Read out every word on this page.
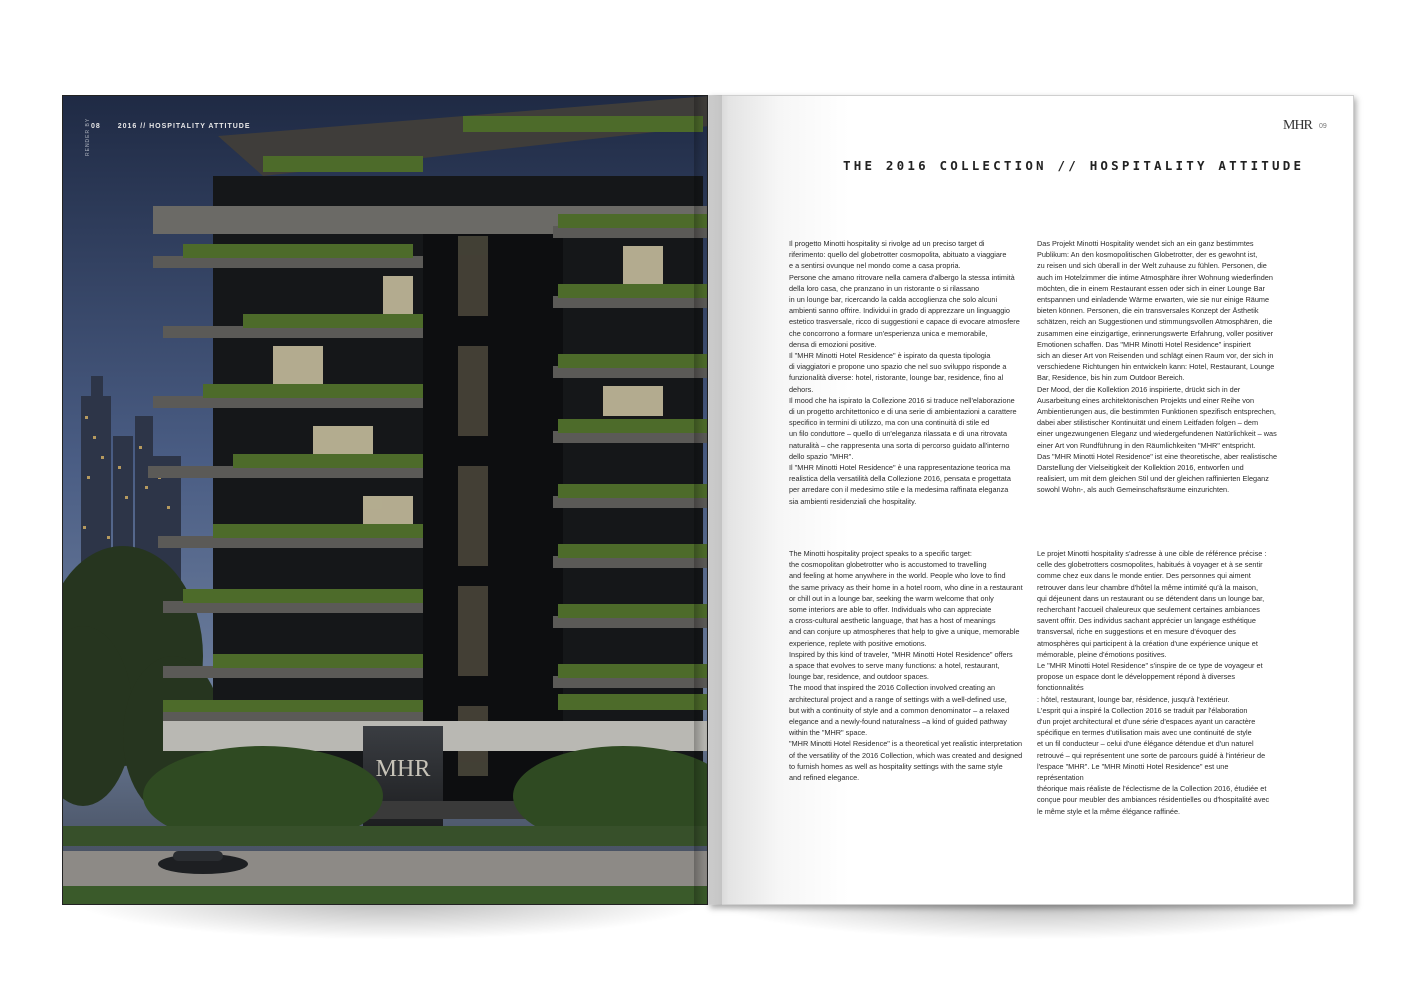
MHR
08 2016 // HOSPITALITY ATTITUDE
RENDER BY	MHR 09
THE 2016 COLLECTION // HOSPITALITY ATTITUDE
Il progetto Minotti hospitality si rivolge ad un preciso target di
riferimento: quello del globetrotter cosmopolita, abituato a viaggiare
e a sentirsi ovunque nel mondo come a casa propria.
Persone che amano ritrovare nella camera d'albergo la stessa intimità
della loro casa, che pranzano in un ristorante o si rilassano
in un lounge bar, ricercando la calda accoglienza che solo alcuni
ambienti sanno offrire. Individui in grado di apprezzare un linguaggio
estetico trasversale, ricco di suggestioni e capace di evocare atmosfere
che concorrono a formare un'esperienza unica e memorabile,
densa di emozioni positive.
Il "MHR Minotti Hotel Residence" è ispirato da questa tipologia
di viaggiatori e propone uno spazio che nel suo sviluppo risponde a
funzionalità diverse: hotel, ristorante, lounge bar, residence, fino al dehors.
Il mood che ha ispirato la Collezione 2016 si traduce nell'elaborazione
di un progetto architettonico e di una serie di ambientazioni a carattere
specifico in termini di utilizzo, ma con una continuità di stile ed
un filo conduttore – quello di un'eleganza rilassata e di una ritrovata
naturalità – che rappresenta una sorta di percorso guidato all'interno
dello spazio "MHR".
Il "MHR Minotti Hotel Residence" è una rappresentazione teorica ma
realistica della versatilità della Collezione 2016, pensata e progettata
per arredare con il medesimo stile e la medesima raffinata eleganza
sia ambienti residenziali che hospitality.
The Minotti hospitality project speaks to a specific target:
the cosmopolitan globetrotter who is accustomed to travelling
and feeling at home anywhere in the world. People who love to find
the same privacy as their home in a hotel room, who dine in a restaurant
or chill out in a lounge bar, seeking the warm welcome that only
some interiors are able to offer. Individuals who can appreciate
a cross-cultural aesthetic language, that has a host of meanings
and can conjure up atmospheres that help to give a unique, memorable
experience, replete with positive emotions.
Inspired by this kind of traveler, "MHR Minotti Hotel Residence" offers
a space that evolves to serve many functions: a hotel, restaurant,
lounge bar, residence, and outdoor spaces.
The mood that inspired the 2016 Collection involved creating an
architectural project and a range of settings with a well-defined use,
but with a continuity of style and a common denominator – a relaxed
elegance and a newly-found naturalness –a kind of guided pathway
within the "MHR" space.
"MHR Minotti Hotel Residence" is a theoretical yet realistic interpretation
of the versatility of the 2016 Collection, which was created and designed
to furnish homes as well as hospitality settings with the same style
and refined elegance.
Das Projekt Minotti Hospitality wendet sich an ein ganz bestimmtes
Publikum: An den kosmopolitischen Globetrotter, der es gewohnt ist,
zu reisen und sich überall in der Welt zuhause zu fühlen. Personen, die
auch im Hotelzimmer die intime Atmosphäre ihrer Wohnung wiederfinden
möchten, die in einem Restaurant essen oder sich in einer Lounge Bar
entspannen und einladende Wärme erwarten, wie sie nur einige Räume
bieten können. Personen, die ein transversales Konzept der Ästhetik
schätzen, reich an Suggestionen und stimmungsvollen Atmosphären, die
zusammen eine einzigartige, erinnerungswerte Erfahrung, voller positiver
Emotionen schaffen. Das "MHR Minotti Hotel Residence" inspiriert
sich an dieser Art von Reisenden und schlägt einen Raum vor, der sich in
verschiedene Richtungen hin entwickeln kann: Hotel, Restaurant, Lounge
Bar, Residence, bis hin zum Outdoor Bereich.
Der Mood, der die Kollektion 2016 inspirierte, drückt sich in der
Ausarbeitung eines architektonischen Projekts und einer Reihe von
Ambientierungen aus, die bestimmten Funktionen spezifisch entsprechen,
dabei aber stilistischer Kontinuität und einem Leitfaden folgen – dem
einer ungezwungenen Eleganz und wiedergefundenen Natürlichkeit – was
einer Art von Rundführung in den Räumlichkeiten "MHR" entspricht.
Das "MHR Minotti Hotel Residence" ist eine theoretische, aber realistische
Darstellung der Vielseitigkeit der Kollektion 2016, entworfen und
realisiert, um mit dem gleichen Stil und der gleichen raffinierten Eleganz
sowohl Wohn-, als auch Gemeinschaftsräume einzurichten.
Le projet Minotti hospitality s'adresse à une cible de référence précise :
celle des globetrotters cosmopolites, habitués à voyager et à se sentir
comme chez eux dans le monde entier. Des personnes qui aiment
retrouver dans leur chambre d'hôtel la même intimité qu'à la maison,
qui déjeunent dans un restaurant ou se détendent dans un lounge bar,
recherchant l'accueil chaleureux que seulement certaines ambiances
savent offrir. Des individus sachant apprécier un langage esthétique
transversal, riche en suggestions et en mesure d'évoquer des
atmosphères qui participent à la création d'une expérience unique et
mémorable, pleine d'émotions positives.
Le "MHR Minotti Hotel Residence" s'inspire de ce type de voyageur et
propose un espace dont le développement répond à diverses fonctionnalités
: hôtel, restaurant, lounge bar, résidence, jusqu'à l'extérieur.
L'esprit qui a inspiré la Collection 2016 se traduit par l'élaboration
d'un projet architectural et d'une série d'espaces ayant un caractère
spécifique en termes d'utilisation mais avec une continuité de style
et un fil conducteur – celui d'une élégance détendue et d'un naturel
retrouvé – qui représentent une sorte de parcours guidé à l'intérieur de
l'espace "MHR". Le "MHR Minotti Hotel Residence" est une représentation
théorique mais réaliste de l'éclectisme de la Collection 2016, étudiée et
conçue pour meubler des ambiances résidentielles ou d'hospitalité avec
le même style et la même élégance raffinée.
